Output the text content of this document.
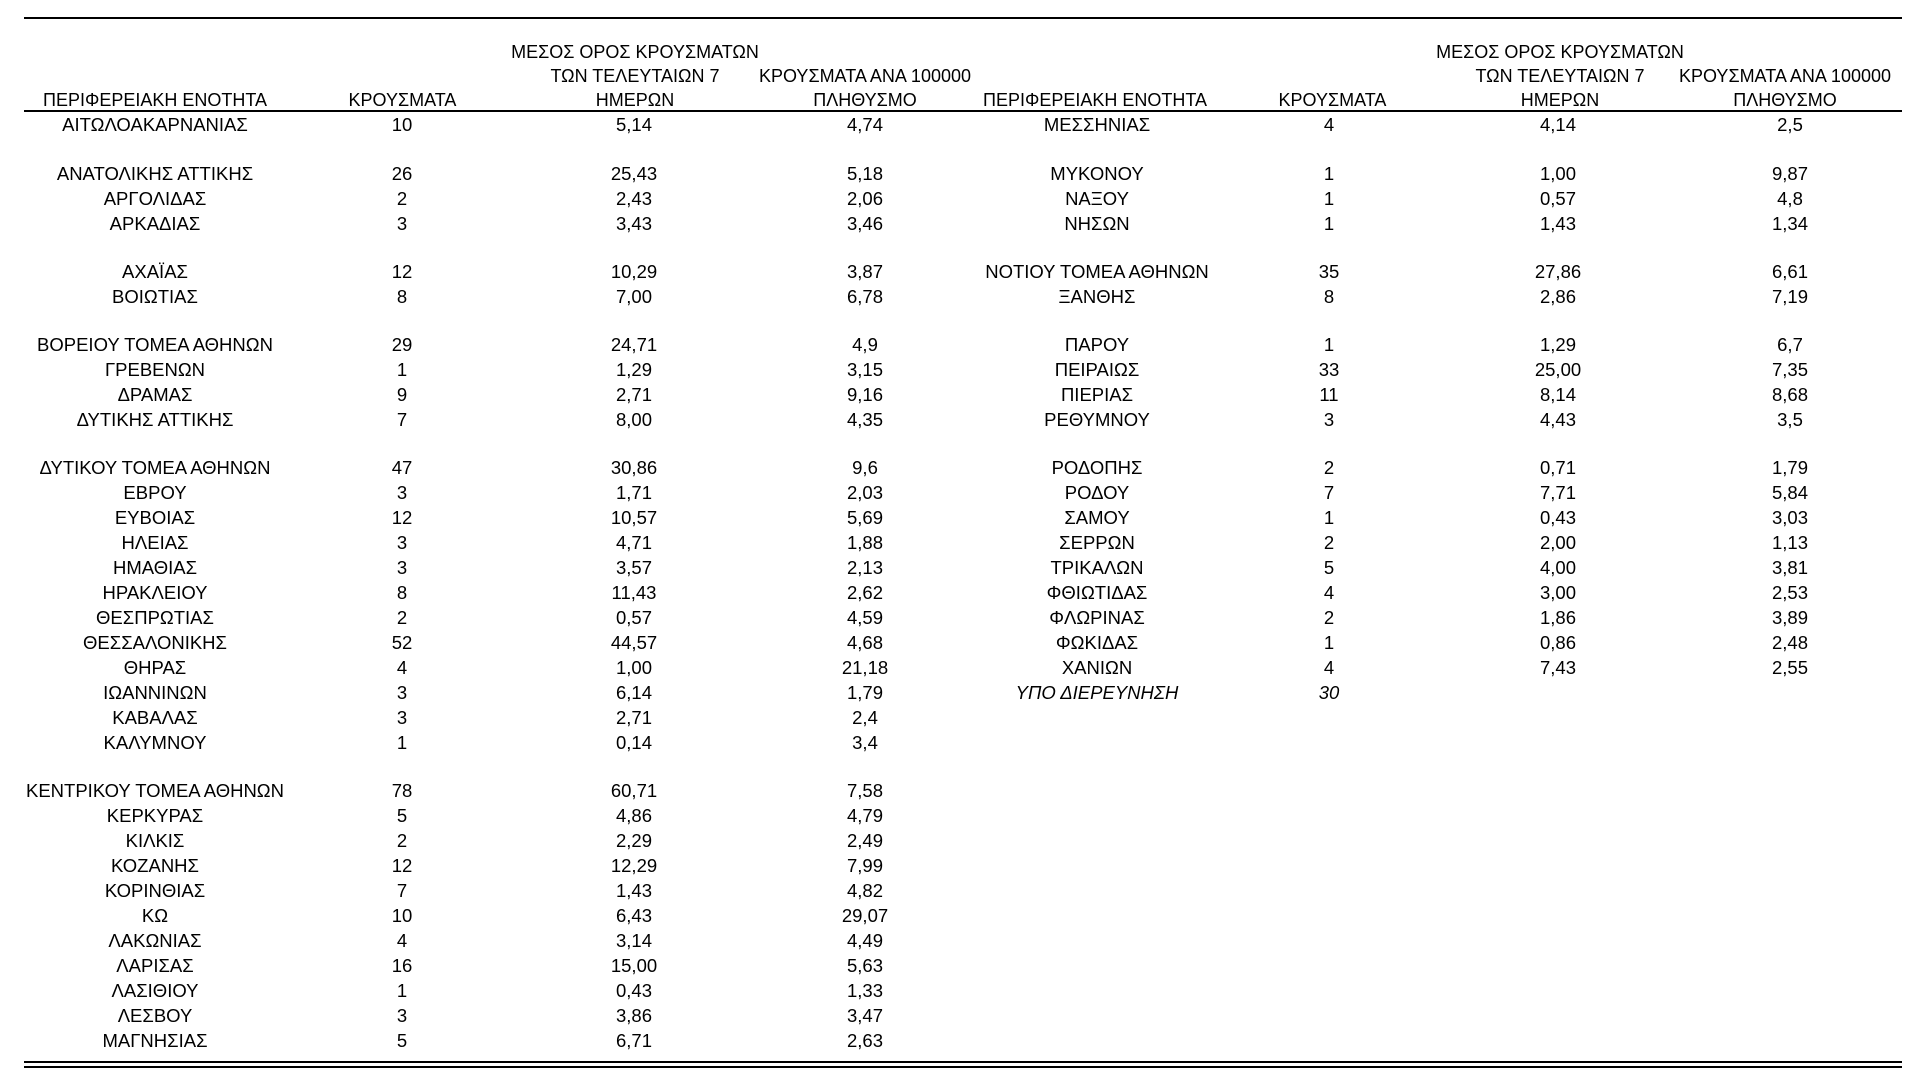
ΠΕΡΙΦΕΡΕΙΑΚΗ ΕΝΟΤΗΤΑ	ΚΡΟΥΣΜΑΤΑ
ΜΕΣΟΣ ΟΡΟΣ ΚΡΟΥΣΜΑΤΩΝ
ΤΩΝ ΤΕΛΕΥΤΑΙΩΝ 7
ΗΜΕΡΩΝ
ΚΡΟΥΣΜΑΤΑ ΑΝΑ 100000
ΠΛΗΘΥΣΜΟ	ΠΕΡΙΦΕΡΕΙΑΚΗ ΕΝΟΤΗΤΑ	ΚΡΟΥΣΜΑΤΑ
ΜΕΣΟΣ ΟΡΟΣ ΚΡΟΥΣΜΑΤΩΝ
ΤΩΝ ΤΕΛΕΥΤΑΙΩΝ 7
ΗΜΕΡΩΝ
ΚΡΟΥΣΜΑΤΑ ΑΝΑ 100000
ΠΛΗΘΥΣΜΟ
ΑΙΤΩΛΟΑΚΑΡΝΑΝΙΑΣ	10	5,14	4,74
ΑΝΑΤΟΛΙΚΗΣ ΑΤΤΙΚΗΣ	26	25,43	5,18
ΑΡΓΟΛΙΔΑΣ	2	2,43	2,06
ΑΡΚΑΔΙΑΣ	3	3,43	3,46
ΑΧΑΪΑΣ	12	10,29	3,87
ΒΟΙΩΤΙΑΣ	8	7,00	6,78
ΒΟΡΕΙΟΥ ΤΟΜΕΑ ΑΘΗΝΩΝ	29	24,71	4,9
ΓΡΕΒΕΝΩΝ	1	1,29	3,15
ΔΡΑΜΑΣ	9	2,71	9,16
ΔΥΤΙΚΗΣ ΑΤΤΙΚΗΣ	7	8,00	4,35
ΔΥΤΙΚΟΥ ΤΟΜΕΑ ΑΘΗΝΩΝ	47	30,86	9,6
ΕΒΡΟΥ	3	1,71	2,03
ΕΥΒΟΙΑΣ	12	10,57	5,69
ΗΛΕΙΑΣ	3	4,71	1,88
ΗΜΑΘΙΑΣ	3	3,57	2,13
ΗΡΑΚΛΕΙΟΥ	8	11,43	2,62
ΘΕΣΠΡΩΤΙΑΣ	2	0,57	4,59
ΘΕΣΣΑΛΟΝΙΚΗΣ	52	44,57	4,68
ΘΗΡΑΣ	4	1,00	21,18
ΙΩΑΝΝΙΝΩΝ	3	6,14	1,79
ΚΑΒΑΛΑΣ	3	2,71	2,4
ΚΑΛΥΜΝΟΥ	1	0,14	3,4
ΚΕΝΤΡΙΚΟΥ ΤΟΜΕΑ ΑΘΗΝΩΝ	78	60,71	7,58
ΚΕΡΚΥΡΑΣ	5	4,86	4,79
ΚΙΛΚΙΣ	2	2,29	2,49
ΚΟΖΑΝΗΣ	12	12,29	7,99
ΚΟΡΙΝΘΙΑΣ	7	1,43	4,82
ΚΩ	10	6,43	29,07
ΛΑΚΩΝΙΑΣ	4	3,14	4,49
ΛΑΡΙΣΑΣ	16	15,00	5,63
ΛΑΣΙΘΙΟΥ	1	0,43	1,33
ΛΕΣΒΟΥ	3	3,86	3,47
ΜΑΓΝΗΣΙΑΣ	5	6,71	2,63
ΜΕΣΣΗΝΙΑΣ	4	4,14	2,5
ΜΥΚΟΝΟΥ	1	1,00	9,87
ΝΑΞΟΥ	1	0,57	4,8
ΝΗΣΩΝ	1	1,43	1,34
ΝΟΤΙΟΥ ΤΟΜΕΑ ΑΘΗΝΩΝ	35	27,86	6,61
ΞΑΝΘΗΣ	8	2,86	7,19
ΠΑΡΟΥ	1	1,29	6,7
ΠΕΙΡΑΙΩΣ	33	25,00	7,35
ΠΙΕΡΙΑΣ	11	8,14	8,68
ΡΕΘΥΜΝΟΥ	3	4,43	3,5
ΡΟΔΟΠΗΣ	2	0,71	1,79
ΡΟΔΟΥ	7	7,71	5,84
ΣΑΜΟΥ	1	0,43	3,03
ΣΕΡΡΩΝ	2	2,00	1,13
ΤΡΙΚΑΛΩΝ	5	4,00	3,81
ΦΘΙΩΤΙΔΑΣ	4	3,00	2,53
ΦΛΩΡΙΝΑΣ	2	1,86	3,89
ΦΩΚΙΔΑΣ	1	0,86	2,48
ΧΑΝΙΩΝ	4	7,43	2,55
ΥΠΟ ΔΙΕΡΕΥΝΗΣΗ	30
